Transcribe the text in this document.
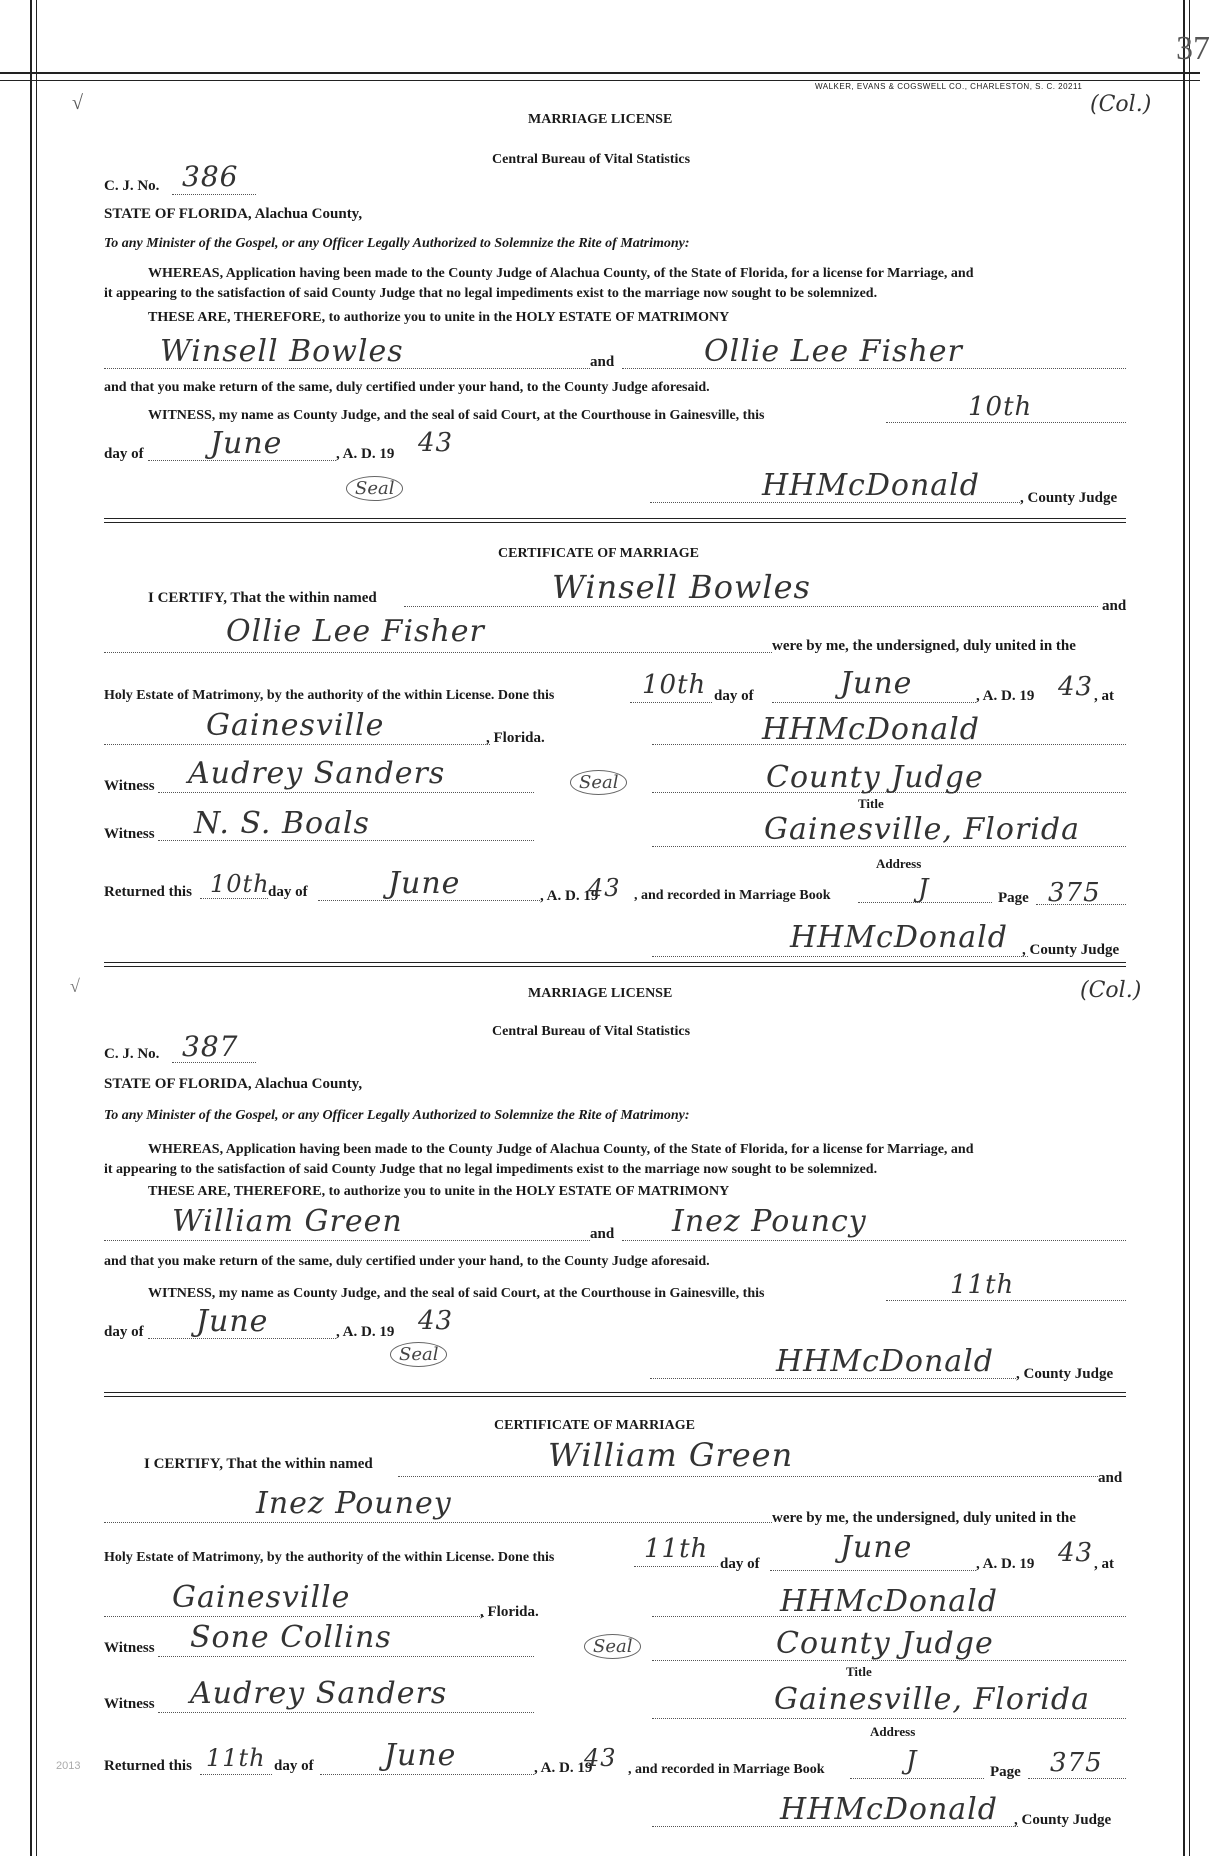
37
WALKER, EVANS & COGSWELL CO., CHARLESTON, S. C. 20211
√	(Col.)
MARRIAGE LICENSE
Central Bureau of Vital Statistics
C. J. No. 386
STATE OF FLORIDA, Alachua County,
To any Minister of the Gospel, or any Officer Legally Authorized to Solemnize the Rite of Matrimony:
WHEREAS, Application having been made to the County Judge of Alachua County, of the State of Florida, for a license for Marriage, and
it appearing to the satisfaction of said County Judge that no legal impediments exist to the marriage now sought to be solemnized.
THESE ARE, THEREFORE, to authorize you to unite in the HOLY ESTATE OF MATRIMONY
Winsell Bowles	and	Ollie Lee Fisher
and that you make return of the same, duly certified under your hand, to the County Judge aforesaid.
WITNESS, my name as County Judge, and the seal of said Court, at the Courthouse in Gainesville, this	10th
day of June	, A. D. 19 43
Seal	HHMcDonald	, County Judge
CERTIFICATE OF MARRIAGE
I CERTIFY, That the within named	Winsell Bowles	and
Ollie Lee Fisher	were by me, the undersigned, duly united in the
Holy Estate of Matrimony, by the authority of the within License. Done this	10th day of	June	, A. D. 19 43 , at
Gainesville	, Florida.	HHMcDonald
Witness Audrey Sanders	Seal	County Judge
Title
Witness N. S. Boals	Gainesville, Florida
Address
Returned this 10th
day of	June	, A. D. 19
43 , and recorded in Marriage Book	J	Page 375
HHMcDonald , County Judge
√	(Col.)
MARRIAGE LICENSE
Central Bureau of Vital Statistics
C. J. No. 387
STATE OF FLORIDA, Alachua County,
To any Minister of the Gospel, or any Officer Legally Authorized to Solemnize the Rite of Matrimony:
WHEREAS, Application having been made to the County Judge of Alachua County, of the State of Florida, for a license for Marriage, and
it appearing to the satisfaction of said County Judge that no legal impediments exist to the marriage now sought to be solemnized.
THESE ARE, THEREFORE, to authorize you to unite in the HOLY ESTATE OF MATRIMONY
William Green	and Inez Pouncy
and that you make return of the same, duly certified under your hand, to the County Judge aforesaid.
WITNESS, my name as County Judge, and the seal of said Court, at the Courthouse in Gainesville, this	11th
day of June	, A. D. 19 43
Seal	HHMcDonald , County Judge
CERTIFICATE OF MARRIAGE
I CERTIFY, That the within named	William Green
and
Inez Pouney	were by me, the undersigned, duly united in the
Holy Estate of Matrimony, by the authority of the within License. Done this	11th day of	June	, A. D. 19 43 , at
Gainesville	, Florida.	HHMcDonald
Witness Sone Collins	Seal	County Judge
Title
Witness Audrey Sanders	Gainesville, Florida
Address
2013 Returned this 11th day of June	, A. D. 19
43 , and recorded in Marriage Book	J	Page 375
HHMcDonald , County Judge
